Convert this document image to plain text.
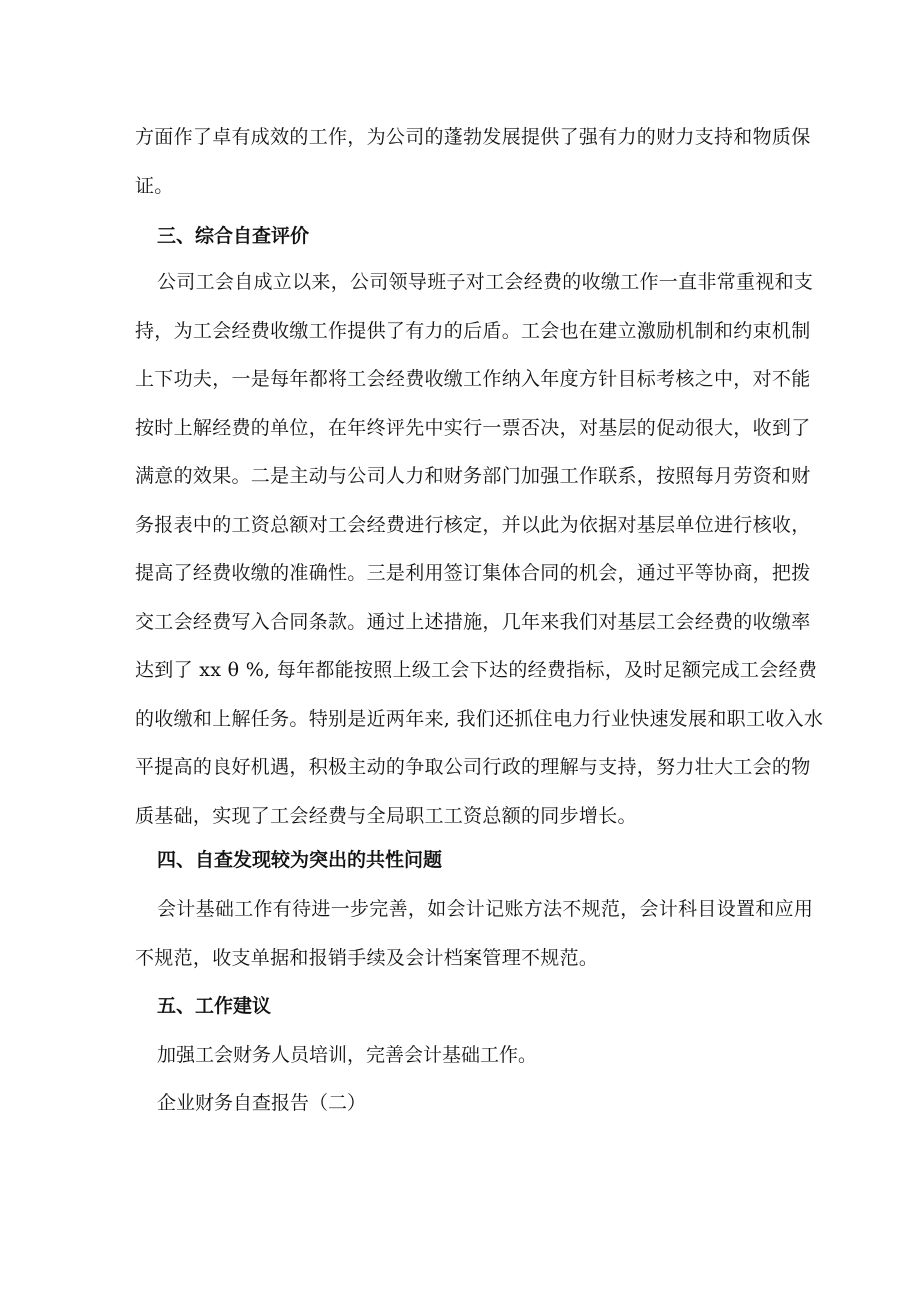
方面作了卓有成效的工作，为公司的蓬勃发展提供了强有力的财力支持和物质保
证。
三、综合自查评价
公司工会自成立以来，公司领导班子对工会经费的收缴工作一直非常重视和支
持，为工会经费收缴工作提供了有力的后盾。工会也在建立激励机制和约束机制
上下功夫，一是每年都将工会经费收缴工作纳入年度方针目标考核之中，对不能
按时上解经费的单位，在年终评先中实行一票否决，对基层的促动很大，收到了
满意的效果。二是主动与公司人力和财务部门加强工作联系，按照每月劳资和财
务报表中的工资总额对工会经费进行核定，并以此为依据对基层单位进行核收，
提高了经费收缴的准确性。三是利用签订集体合同的机会，通过平等协商，把拨
交工会经费写入合同条款。通过上述措施，几年来我们对基层工会经费的收缴率
达到了 xx θ %, 每年都能按照上级工会下达的经费指标，及时足额完成工会经费
的收缴和上解任务。特别是近两年来, 我们还抓住电力行业快速发展和职工收入水
平提高的良好机遇，积极主动的争取公司行政的理解与支持，努力壮大工会的物
质基础，实现了工会经费与全局职工工资总额的同步增长。
四、自查发现较为突出的共性问题
会计基础工作有待进一步完善，如会计记账方法不规范，会计科目设置和应用
不规范，收支单据和报销手续及会计档案管理不规范。
五、工作建议
加强工会财务人员培训，完善会计基础工作。
企业财务自查报告（二）
